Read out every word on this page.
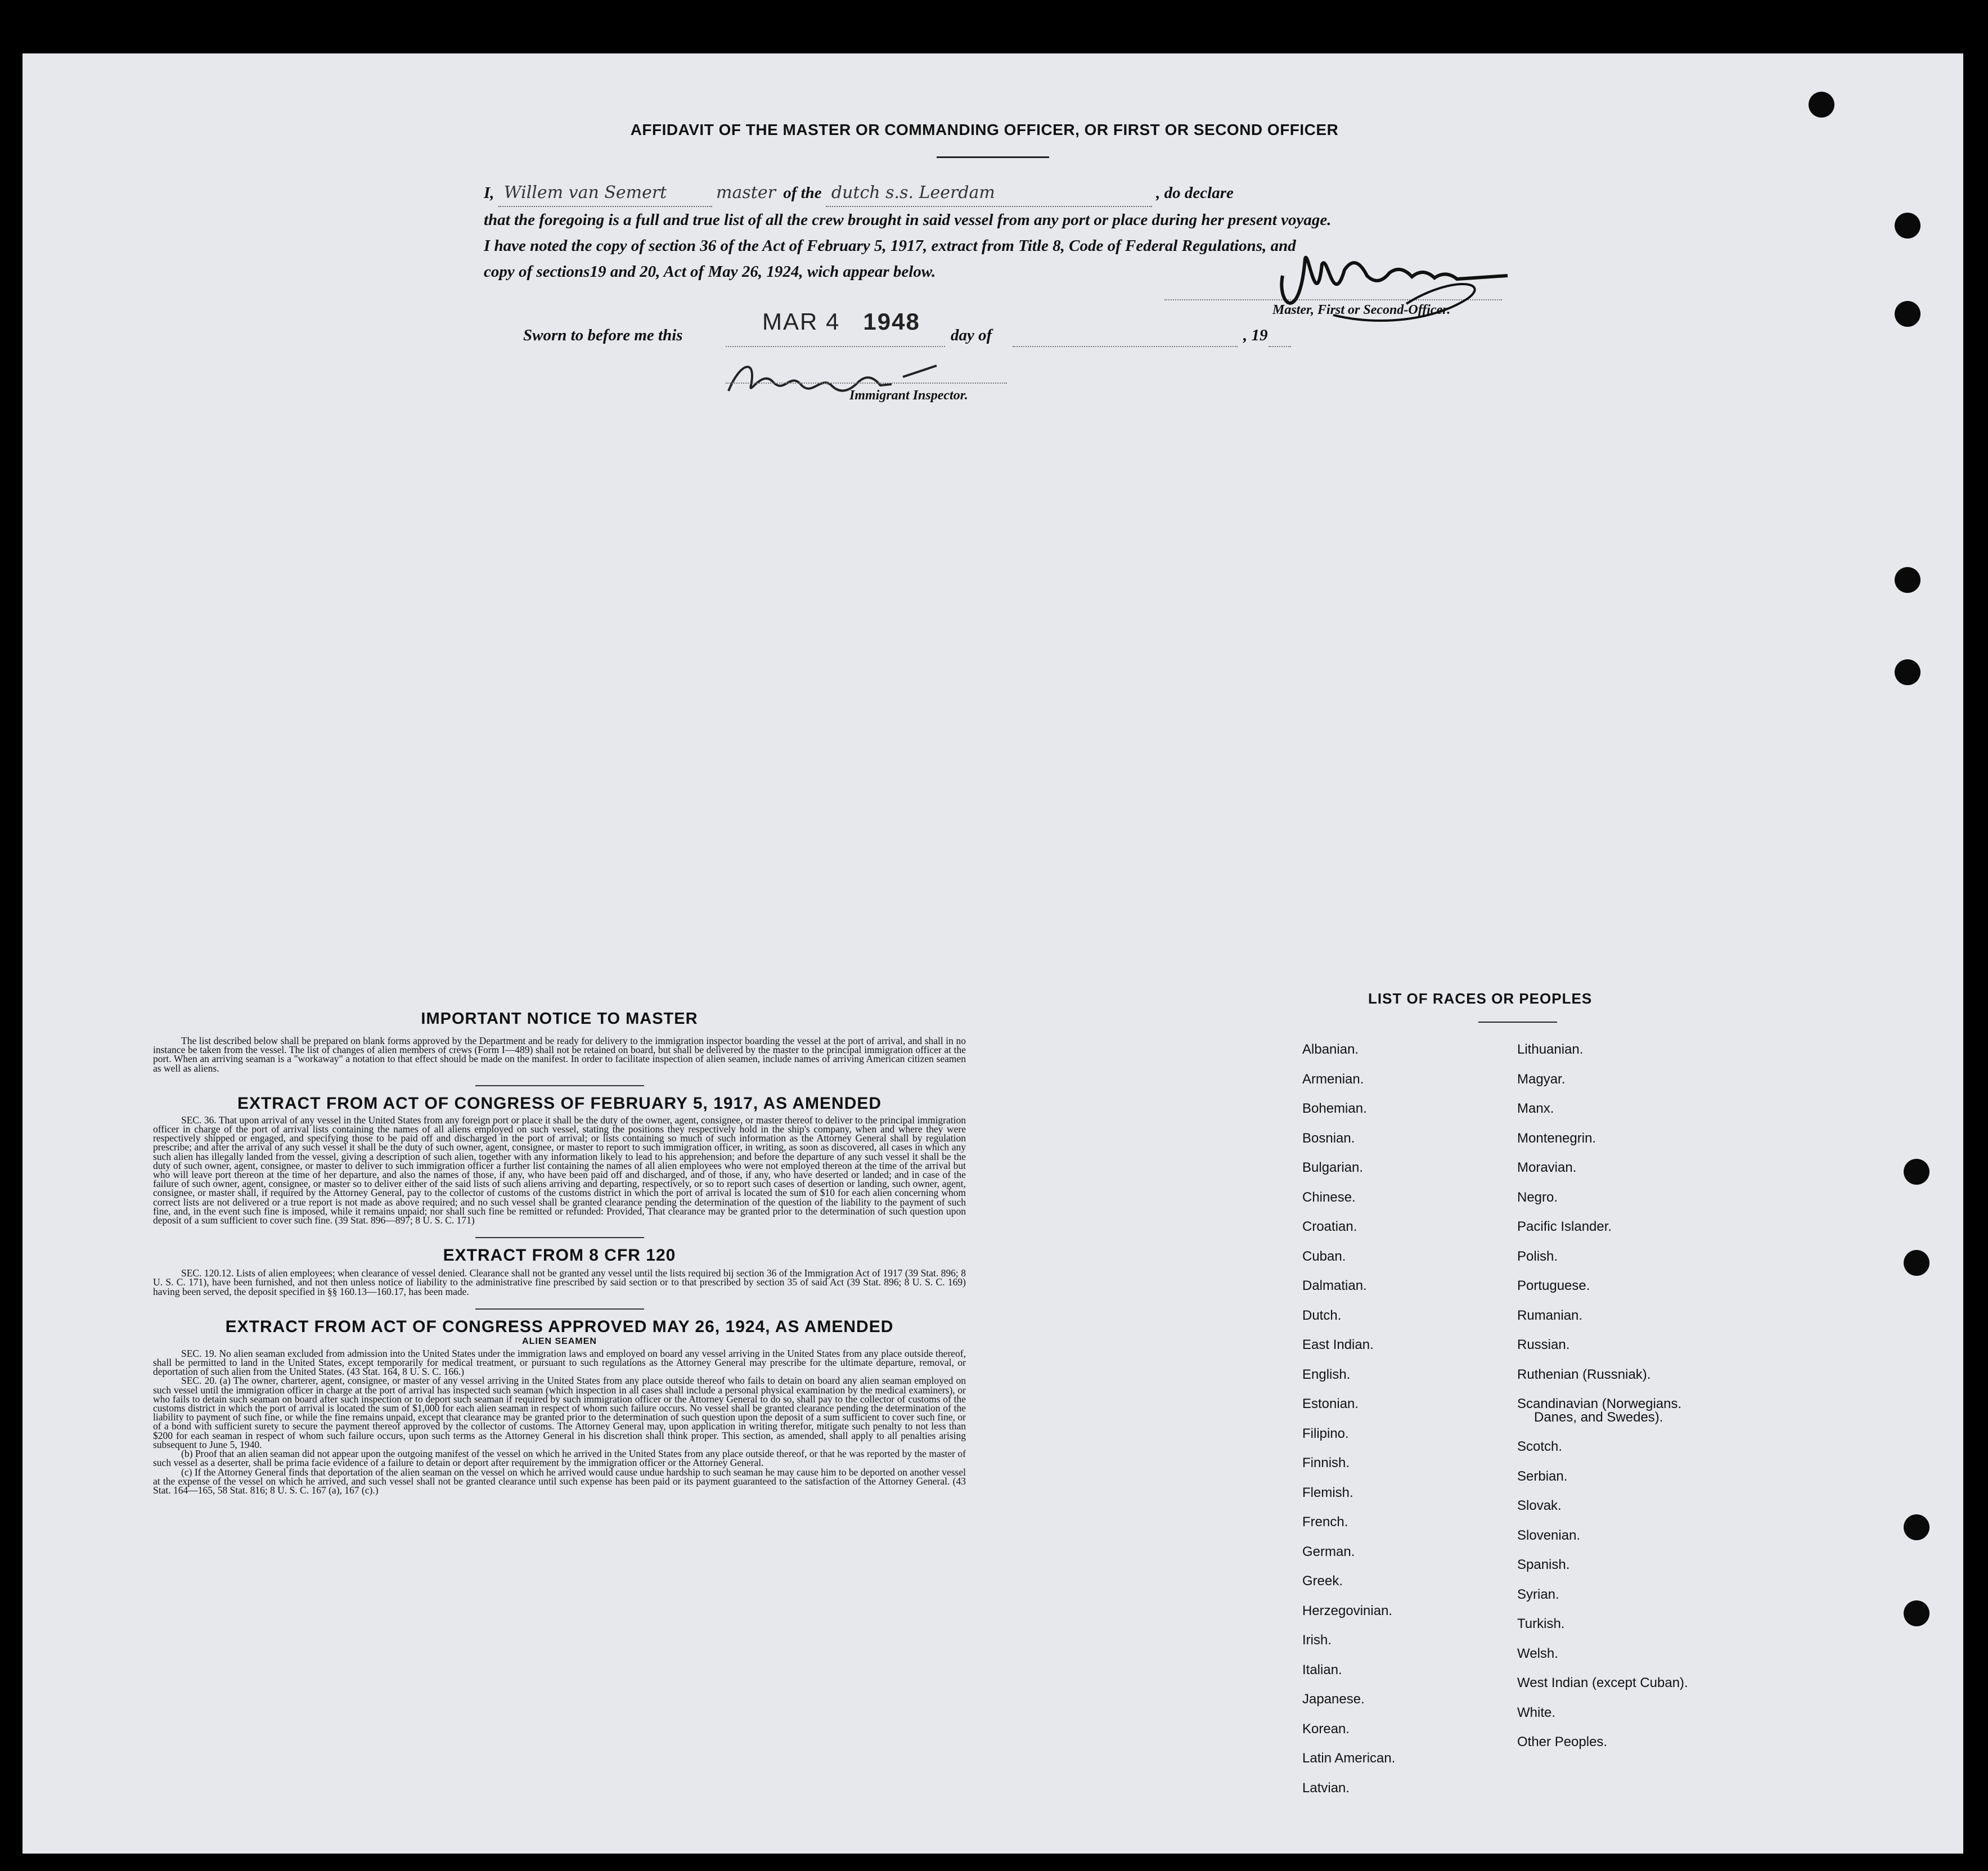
AFFIDAVIT OF THE MASTER OR COMMANDING OFFICER, OR FIRST OR SECOND OFFICER
I, Willem van Semert	master of the dutch s.s. Leerdam	, do declare
that the foregoing is a full and true list of all the crew brought in said vessel from any port or place during her present voyage.
I have noted the copy of section 36 of the Act of February 5, 1917, extract from Title 8, Code of Federal Regulations, and
copy of sections19 and 20, Act of May 26, 1924, wich appear below.
Master, First or Second-Officer.
Sworn to before me this
MAR 4 1948
day of	, 19
Immigrant Inspector.
IMPORTANT NOTICE TO MASTER

The list described below shall be prepared on blank forms approved by the Department and be ready for delivery to the immigration inspector boarding the vessel at the port of arrival, and shall in no instance be taken from the vessel. The list of changes of alien members of crews (Form I—489) shall not be retained on board, but shall be delivered by the master to the principal immigration officer at the port. When an arriving seaman is a "workaway" a notation to that effect should be made on the manifest. In order to facilitate inspection of alien seamen, include names of arriving American citizen seamen as well as aliens.

EXTRACT FROM ACT OF CONGRESS OF FEBRUARY 5, 1917, AS AMENDED

SEC. 36. That upon arrival of any vessel in the United States from any foreign port or place it shall be the duty of the owner, agent, consignee, or master thereof to deliver to the principal immigration officer in charge of the port of arrival lists containing the names of all aliens employed on such vessel, stating the positions they respectively hold in the ship's company, when and where they were respectively shipped or engaged, and specifying those to be paid off and discharged in the port of arrival; or lists containing so much of such information as the Attorney General shall by regulation prescribe; and after the arrival of any such vessel it shall be the duty of such owner, agent, consignee, or master to report to such immigration officer, in writing, as soon as discovered, all cases in which any such alien has illegally landed from the vessel, giving a description of such alien, together with any information likely to lead to his apprehension; and before the departure of any such vessel it shall be the duty of such owner, agent, consignee, or master to deliver to such immigration officer a further list containing the names of all alien employees who were not employed thereon at the time of the arrival but who will leave port thereon at the time of her departure, and also the names of those, if any, who have been paid off and discharged, and of those, if any, who have deserted or landed; and in case of the failure of such owner, agent, consignee, or master so to deliver either of the said lists of such aliens arriving and departing, respectively, or so to report such cases of desertion or landing, such owner, agent, consignee, or master shall, if required by the Attorney General, pay to the collector of customs of the customs district in which the port of arrival is located the sum of $10 for each alien concerning whom correct lists are not delivered or a true report is not made as above required; and no such vessel shall be granted clearance pending the determination of the question of the liability to the payment of such fine, and, in the event such fine is imposed, while it remains unpaid; nor shall such fine be remitted or refunded: Provided, That clearance may be granted prior to the determination of such question upon deposit of a sum sufficient to cover such fine. (39 Stat. 896—897; 8 U. S. C. 171)

EXTRACT FROM 8 CFR 120

SEC. 120.12. Lists of alien employees; when clearance of vessel denied. Clearance shall not be granted any vessel until the lists required bij section 36 of the Immigration Act of 1917 (39 Stat. 896; 8 U. S. C. 171), have been furnished, and not then unless notice of liability to the administrative fine prescribed by said section or to that prescribed by section 35 of said Act (39 Stat. 896; 8 U. S. C. 169) having been served, the deposit specified in §§ 160.13—160.17, has been made.

EXTRACT FROM ACT OF CONGRESS APPROVED MAY 26, 1924, AS AMENDED
ALIEN SEAMEN

SEC. 19. No alien seaman excluded from admission into the United States under the immigration laws and employed on board any vessel arriving in the United States from any place outside thereof, shall be permitted to land in the United States, except temporarily for medical treatment, or pursuant to such regulations as the Attorney General may prescribe for the ultimate departure, removal, or deportation of such alien from the United States. (43 Stat. 164, 8 U. S. C. 166.)

SEC. 20. (a) The owner, charterer, agent, consignee, or master of any vessel arriving in the United States from any place outside thereof who fails to detain on board any alien seaman employed on such vessel until the immigration officer in charge at the port of arrival has inspected such seaman (which inspection in all cases shall include a personal physical examination by the medical examiners), or who fails to detain such seaman on board after such inspection or to deport such seaman if required by such immigration officer or the Attorney General to do so, shall pay to the collector of customs of the customs district in which the port of arrival is located the sum of $1,000 for each alien seaman in respect of whom such failure occurs. No vessel shall be granted clearance pending the determination of the liability to payment of such fine, or while the fine remains unpaid, except that clearance may be granted prior to the determination of such question upon the deposit of a sum sufficient to cover such fine, or of a bond with sufficient surety to secure the payment thereof approved by the collector of customs. The Attorney General may, upon application in writing therefor, mitigate such penalty to not less than $200 for each seaman in respect of whom such failure occurs, upon such terms as the Attorney General in his discretion shall think proper. This section, as amended, shall apply to all penalties arising subsequent to June 5, 1940.

(b) Proof that an alien seaman did not appear upon the outgoing manifest of the vessel on which he arrived in the United States from any place outside thereof, or that he was reported by the master of such vessel as a deserter, shall be prima facie evidence of a failure to detain or deport after requirement by the immigration officer or the Attorney General.

(c) If the Attorney General finds that deportation of the alien seaman on the vessel on which he arrived would cause undue hardship to such seaman he may cause him to be deported on another vessel at the expense of the vessel on which he arrived, and such vessel shall not be granted clearance until such expense has been paid or its payment guaranteed to the satisfaction of the Attorney General. (43 Stat. 164—165, 58 Stat. 816; 8 U. S. C. 167 (a), 167 (c).)

LIST OF RACES OR PEOPLES
Albanian.
Armenian.
Bohemian.
Bosnian.
Bulgarian.
Chinese.
Croatian.
Cuban.
Dalmatian.
Dutch.
East Indian.
English.
Estonian.
Filipino.
Finnish.
Flemish.
French.
German.
Greek.
Herzegovinian.
Irish.
Italian.
Japanese.
Korean.
Latin American.
Latvian.
Lithuanian.
Magyar.
Manx.
Montenegrin.
Moravian.
Negro.
Pacific Islander.
Polish.
Portuguese.
Rumanian.
Russian.
Ruthenian (Russniak).
Scandinavian (Norwegians.
Danes, and Swedes).
Scotch.
Serbian.
Slovak.
Slovenian.
Spanish.
Syrian.
Turkish.
Welsh.
West Indian (except Cuban).
White.
Other Peoples.
